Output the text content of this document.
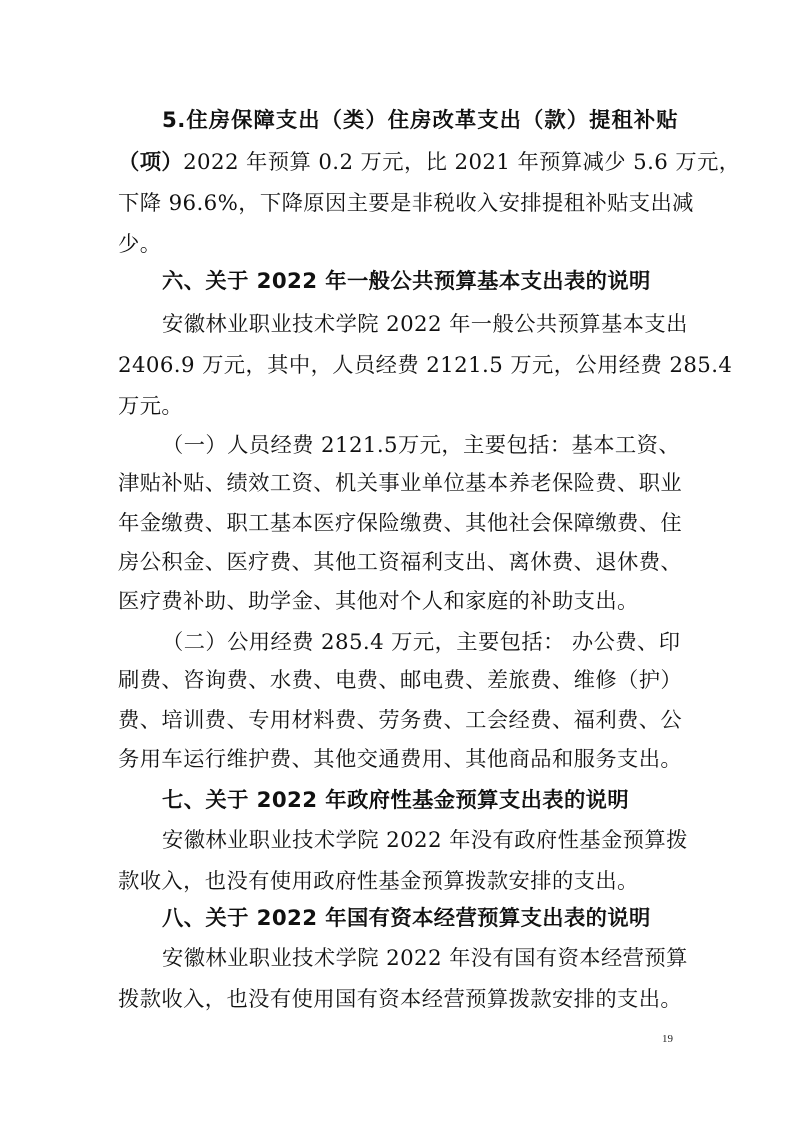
5.住房保障支出（类）住房改革支出（款）提租补贴
（项）2022 年预算 0.2 万元，比 2021 年预算减少 5.6 万元，
下降 96.6%，下降原因主要是非税收入安排提租补贴支出减
少。
六、关于 2022 年一般公共预算基本支出表的说明
安徽林业职业技术学院 2022 年一般公共预算基本支出
2406.9 万元，其中，人员经费 2121.5 万元，公用经费 285.4
万元。
（一）人员经费 2121.5万元，主要包括：基本工资、
津贴补贴、绩效工资、机关事业单位基本养老保险费、职业
年金缴费、职工基本医疗保险缴费、其他社会保障缴费、住
房公积金、医疗费、其他工资福利支出、离休费、退休费、
医疗费补助、助学金、其他对个人和家庭的补助支出。
（二）公用经费 285.4 万元，主要包括： 办公费、印
刷费、咨询费、水费、电费、邮电费、差旅费、维修（护）
费、培训费、专用材料费、劳务费、工会经费、福利费、公
务用车运行维护费、其他交通费用、其他商品和服务支出。
七、关于 2022 年政府性基金预算支出表的说明
安徽林业职业技术学院 2022 年没有政府性基金预算拨
款收入，也没有使用政府性基金预算拨款安排的支出。
八、关于 2022 年国有资本经营预算支出表的说明
安徽林业职业技术学院 2022 年没有国有资本经营预算
拨款收入，也没有使用国有资本经营预算拨款安排的支出。
19
